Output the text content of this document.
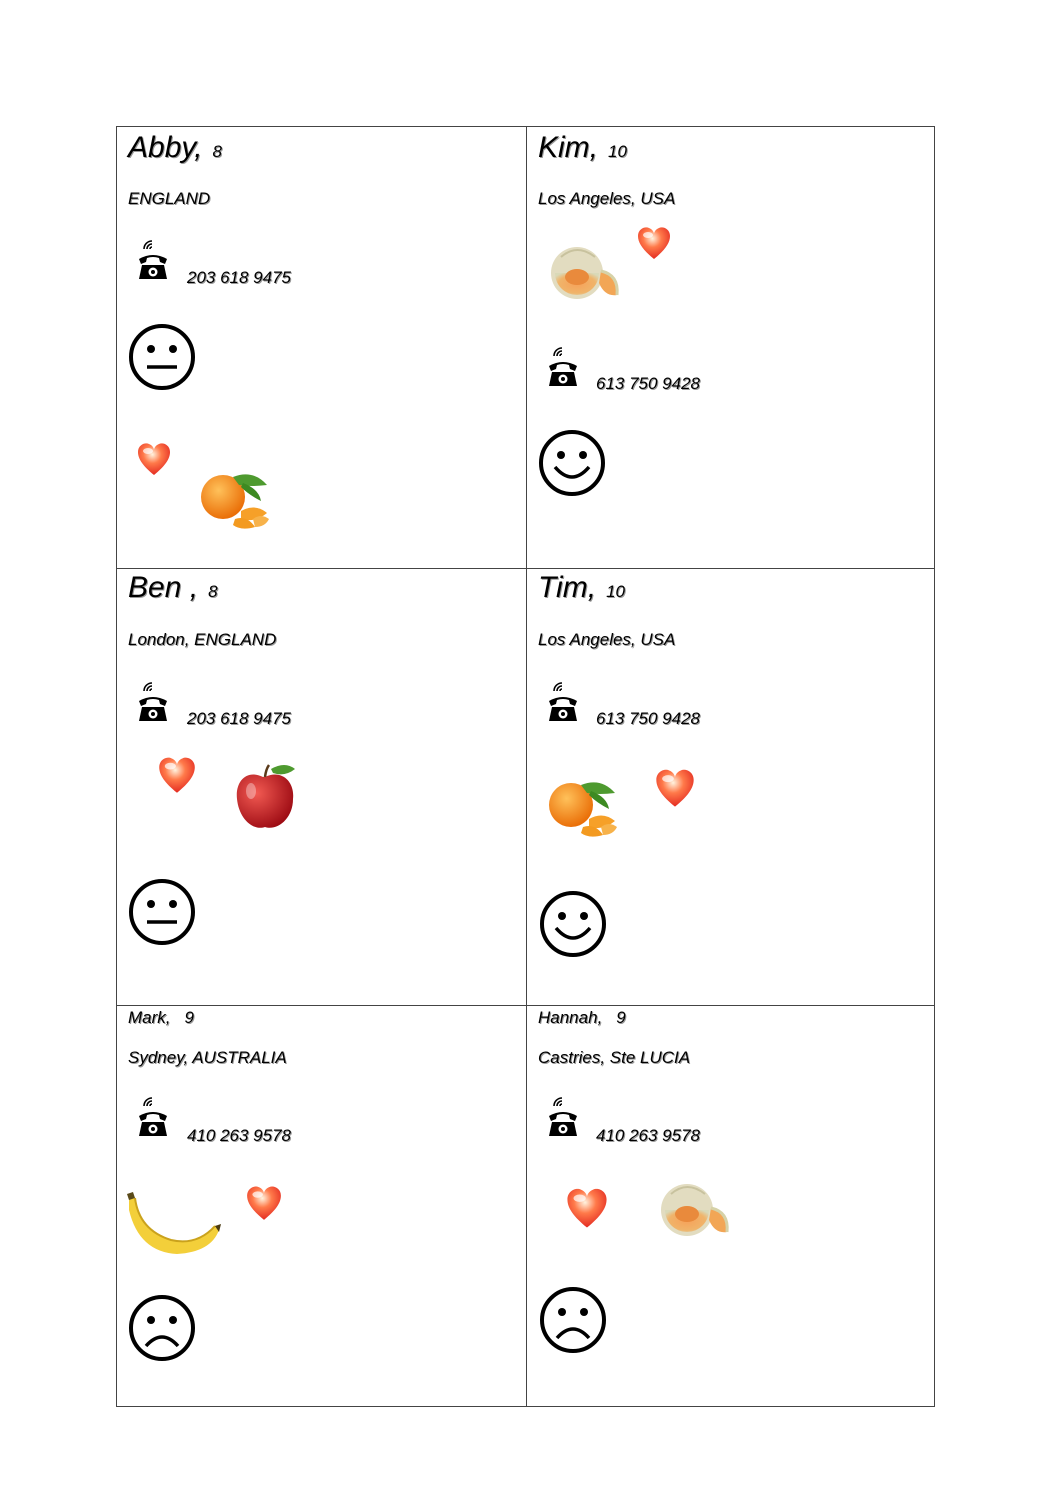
Abby, 8
ENGLAND
203 618 9475
Kim, 10
Los Angeles, USA
613 750 9428
Ben , 8
London, ENGLAND
203 618 9475
Tim, 10
Los Angeles, USA
613 750 9428
Mark, 9
Sydney, AUSTRALIA
410 263 9578
Hannah, 9
Castries, Ste LUCIA
410 263 9578
